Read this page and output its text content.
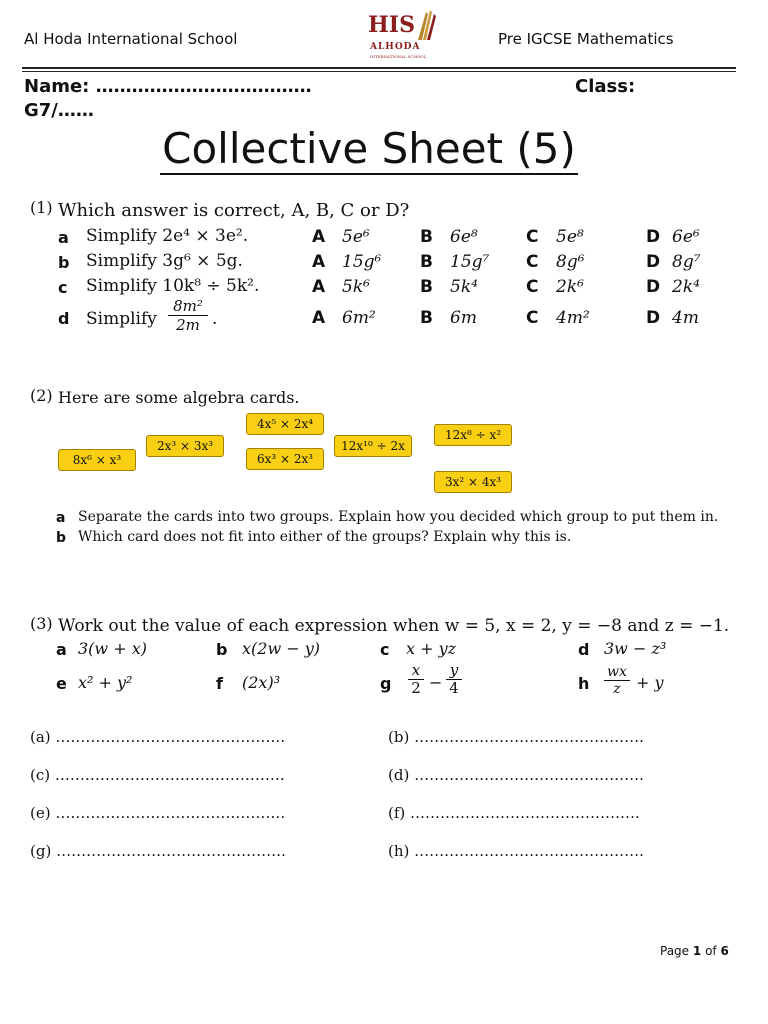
Al Hoda International School
HIS
ALHODA
INTERNATIONAL SCHOOL
Pre IGCSE Mathematics
Name: ………………………………	Class:
G7/……
Collective Sheet (5)
(1) Which answer is correct, A, B, C or D?
a Simplify 2e⁴ × 3e².	A 5e⁶	B 6e⁸	C 5e⁸	D 6e⁶
b Simplify 3g⁶ × 5g.	A 15g⁶ B 15g⁷ C 8g⁶	D 8g⁷
c Simplify 10k⁸ ÷ 5k².	A 5k⁶	B 5k⁴	C 2k⁶	D 2k⁴
d Simplify $\frac{\text{8m²}}{2m}$ .	A 6m²	B 6m	C 4m²	D 4m
(2) Here are some algebra cards.
8x⁶ × x³
2x³ × 3x³
4x⁵ × 2x⁴
6x³ × 2x³
12x¹⁰ ÷ 2x
12x⁸ ÷ x²
3x² × 4x³
a Separate the cards into two groups. Explain how you decided which group to put them in.
b Which card does not fit into either of the groups? Explain why this is.
(3) Work out the value of each expression when w = 5, x = 2, y = −8 and z = −1.
a 3(w + x)	b x(2w − y)	c x + yz	d 3w − z³
e x² + y²	f (2x)³	g $\frac{x}{2} - \frac{y}{4}$	h $\frac{wx}{z} + y$
(a) ……………………………………….	(b) ……………………………………….
(c) ……………………………………….	(d) ……………………………………….
(e) ……………………………………….	(f) ……………………………………….
(g) ……………………………………….	(h) ……………………………………….
Page 1 of 6
